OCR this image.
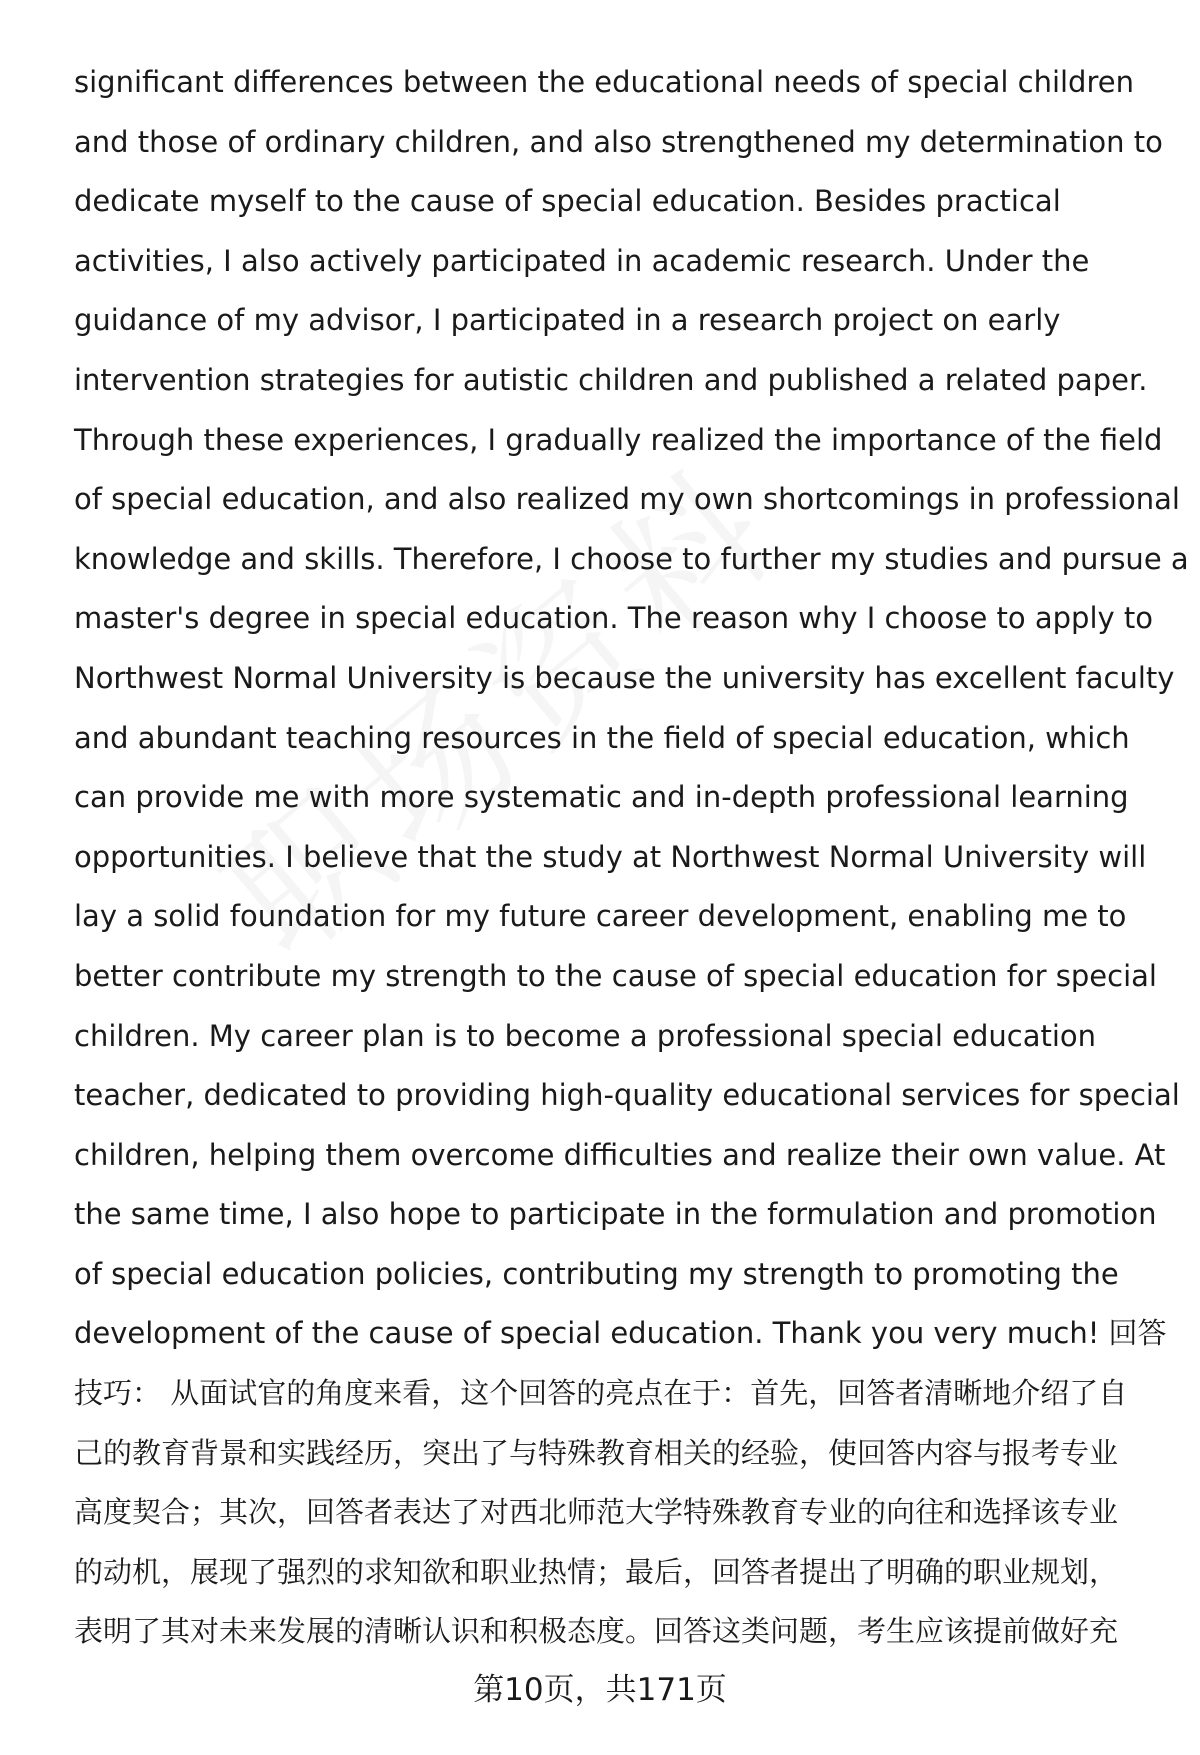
significant differences between the educational needs of special children
and those of ordinary children, and also strengthened my determination to
dedicate myself to the cause of special education. Besides practical
activities, I also actively participated in academic research. Under the
guidance of my advisor, I participated in a research project on early
intervention strategies for autistic children and published a related paper.
Through these experiences, I gradually realized the importance of the field
of special education, and also realized my own shortcomings in professional
knowledge and skills. Therefore, I choose to further my studies and pursue a
master's degree in special education. The reason why I choose to apply to
Northwest Normal University is because the university has excellent faculty
and abundant teaching resources in the field of special education, which
can provide me with more systematic and in-depth professional learning
opportunities. I believe that the study at Northwest Normal University will
lay a solid foundation for my future career development, enabling me to
better contribute my strength to the cause of special education for special
children. My career plan is to become a professional special education
teacher, dedicated to providing high-quality educational services for special
children, helping them overcome difficulties and realize their own value. At
the same time, I also hope to participate in the formulation and promotion
of special education policies, contributing my strength to promoting the
development of the cause of special education. Thank you very much! 回答
技巧： 从面试官的角度来看，这个回答的亮点在于：首先，回答者清晰地介绍了自
己的教育背景和实践经历，突出了与特殊教育相关的经验，使回答内容与报考专业
高度契合；其次，回答者表达了对西北师范大学特殊教育专业的向往和选择该专业
的动机，展现了强烈的求知欲和职业热情；最后，回答者提出了明确的职业规划，
表明了其对未来发展的清晰认识和积极态度。回答这类问题，考生应该提前做好充
第10页，共171页
